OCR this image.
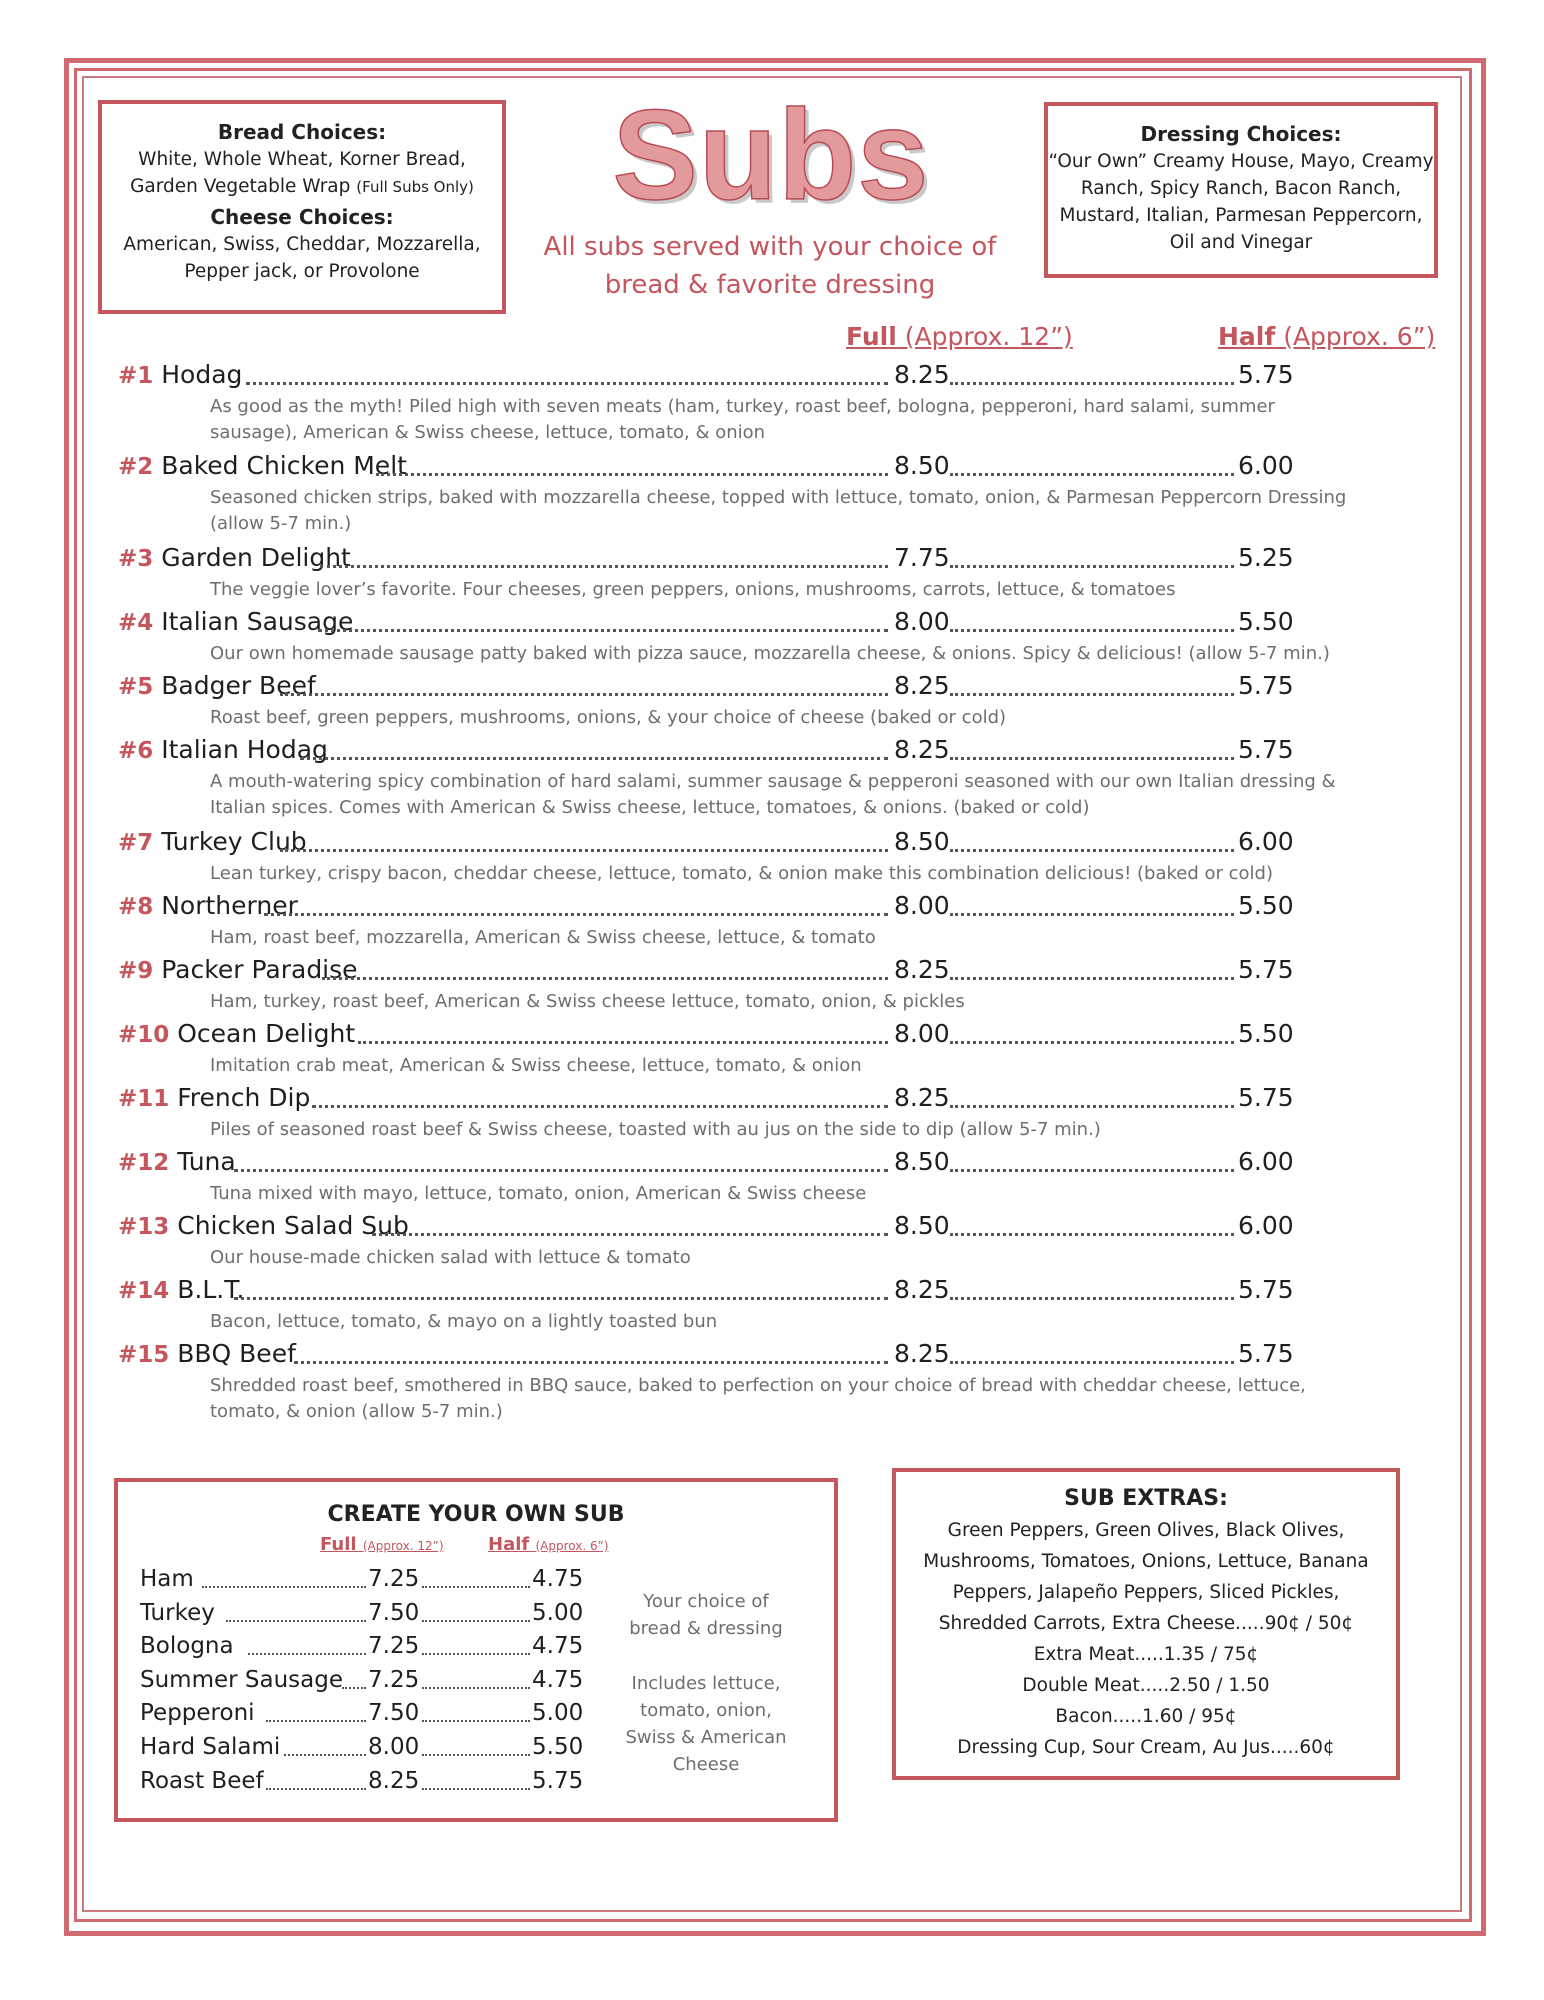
Bread Choices:

White, Whole Wheat, Korner Bread, Garden Vegetable Wrap (Full Subs Only)

Cheese Choices:

American, Swiss, Cheddar, Mozzarella, Pepper jack, or Provolone

Subs
All subs served with your choice of bread & favorite dressing
Dressing Choices:

“Our Own” Creamy House, Mayo, Creamy Ranch, Spicy Ranch, Bacon Ranch, Mustard, Italian, Parmesan Peppercorn, Oil and Vinegar

Full (Approx. 12”)	Half (Approx. 6”)
#1 Hodag	8.25	5.75
As good as the myth! Piled high with seven meats (ham, turkey, roast beef, bologna, pepperoni, hard salami, summer sausage), American & Swiss cheese, lettuce, tomato, & onion
#2 Baked Chicken Melt	8.50	6.00
Seasoned chicken strips, baked with mozzarella cheese, topped with lettuce, tomato, onion, & Parmesan Peppercorn Dressing (allow 5-7 min.)
#3 Garden Delight	7.75	5.25
The veggie lover’s favorite. Four cheeses, green peppers, onions, mushrooms, carrots, lettuce, & tomatoes
#4 Italian Sausage	8.00	5.50
Our own homemade sausage patty baked with pizza sauce, mozzarella cheese, & onions. Spicy & delicious! (allow 5-7 min.)
#5 Badger Beef	8.25	5.75
Roast beef, green peppers, mushrooms, onions, & your choice of cheese (baked or cold)
#6 Italian Hodag	8.25	5.75
A mouth-watering spicy combination of hard salami, summer sausage & pepperoni seasoned with our own Italian dressing & Italian spices. Comes with American & Swiss cheese, lettuce, tomatoes, & onions. (baked or cold)
#7 Turkey Club	8.50	6.00
Lean turkey, crispy bacon, cheddar cheese, lettuce, tomato, & onion make this combination delicious! (baked or cold)
#8 Northerner	8.00	5.50
Ham, roast beef, mozzarella, American & Swiss cheese, lettuce, & tomato
#9 Packer Paradise	8.25	5.75
Ham, turkey, roast beef, American & Swiss cheese lettuce, tomato, onion, & pickles
#10 Ocean Delight	8.00	5.50
Imitation crab meat, American & Swiss cheese, lettuce, tomato, & onion
#11 French Dip	8.25	5.75
Piles of seasoned roast beef & Swiss cheese, toasted with au jus on the side to dip (allow 5-7 min.)
#12 Tuna	8.50	6.00
Tuna mixed with mayo, lettuce, tomato, onion, American & Swiss cheese
#13 Chicken Salad Sub	8.50	6.00
Our house-made chicken salad with lettuce & tomato
#14 B.L.T.	8.25	5.75
Bacon, lettuce, tomato, & mayo on a lightly toasted bun
#15 BBQ Beef	8.25	5.75
Shredded roast beef, smothered in BBQ sauce, baked to perfection on your choice of bread with cheddar cheese, lettuce, tomato, & onion (allow 5-7 min.)
CREATE YOUR OWN SUB
Full (Approx. 12”) Half (Approx. 6”)
Ham	7.25	4.75
Turkey	7.50	5.00
Bologna	7.25	4.75
Summer Sausage 7.25	4.75
Pepperoni	7.50	5.00
Hard Salami	8.00	5.50
Roast Beef	8.25	5.75
Your choice of bread & dressing
Includes lettuce, tomato, onion, Swiss & American Cheese
SUB EXTRAS:

Green Peppers, Green Olives, Black Olives,

Mushrooms, Tomatoes, Onions, Lettuce, Banana

Peppers, Jalapeño Peppers, Sliced Pickles,

Shredded Carrots, Extra Cheese.....90¢ / 50¢

Extra Meat.....1.35 / 75¢

Double Meat.....2.50 / 1.50

Bacon.....1.60 / 95¢

Dressing Cup, Sour Cream, Au Jus.....60¢
